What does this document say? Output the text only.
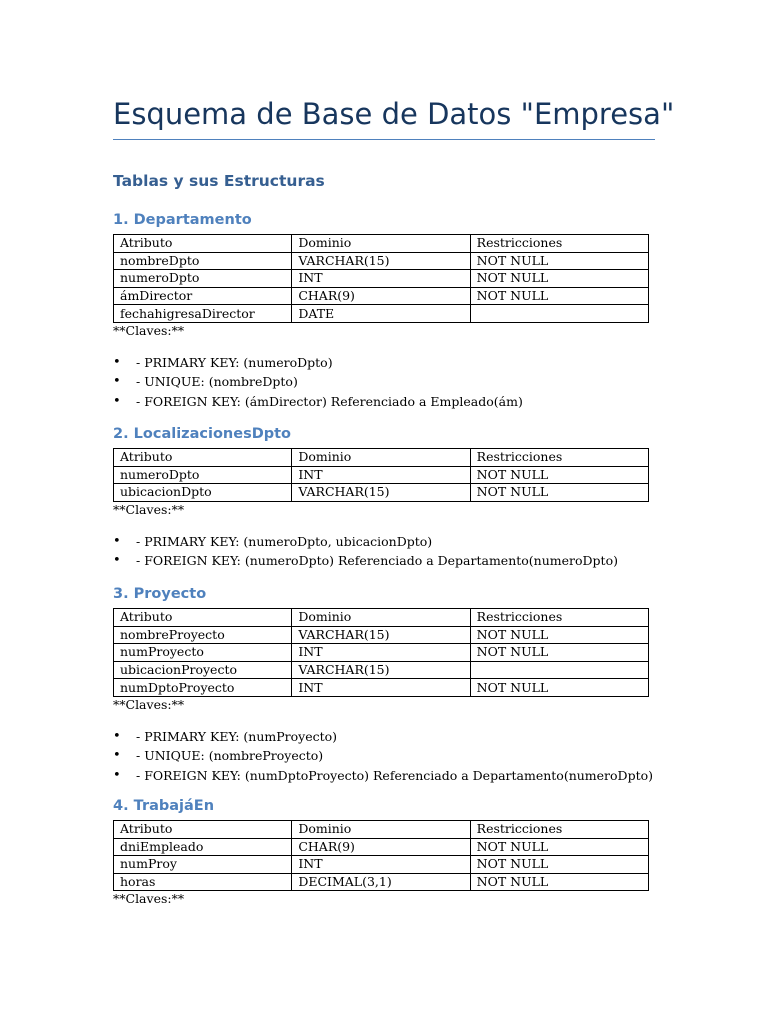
Esquema de Base de Datos "Empresa"
Tablas y sus Estructuras
1. Departamento
Atributo	Dominio	Restricciones
nombreDpto	VARCHAR(15)	NOT NULL
numeroDpto	INT	NOT NULL
ámDirector	CHAR(9)	NOT NULL
fechahigresaDirector	DATE	
**Claves:**
• - PRIMARY KEY: (numeroDpto)
• - UNIQUE: (nombreDpto)
• - FOREIGN KEY: (ámDirector) Referenciado a Empleado(ám)
2. LocalizacionesDpto
Atributo	Dominio	Restricciones
numeroDpto	INT	NOT NULL
ubicacionDpto	VARCHAR(15)	NOT NULL
**Claves:**
• - PRIMARY KEY: (numeroDpto, ubicacionDpto)
• - FOREIGN KEY: (numeroDpto) Referenciado a Departamento(numeroDpto)
3. Proyecto
Atributo	Dominio	Restricciones
nombreProyecto	VARCHAR(15)	NOT NULL
numProyecto	INT	NOT NULL
ubicacionProyecto	VARCHAR(15)	
numDptoProyecto	INT	NOT NULL
**Claves:**
• - PRIMARY KEY: (numProyecto)
• - UNIQUE: (nombreProyecto)
• - FOREIGN KEY: (numDptoProyecto) Referenciado a Departamento(numeroDpto)
4. TrabajáEn
Atributo	Dominio	Restricciones
dniEmpleado	CHAR(9)	NOT NULL
numProy	INT	NOT NULL
horas	DECIMAL(3,1)	NOT NULL
**Claves:**
